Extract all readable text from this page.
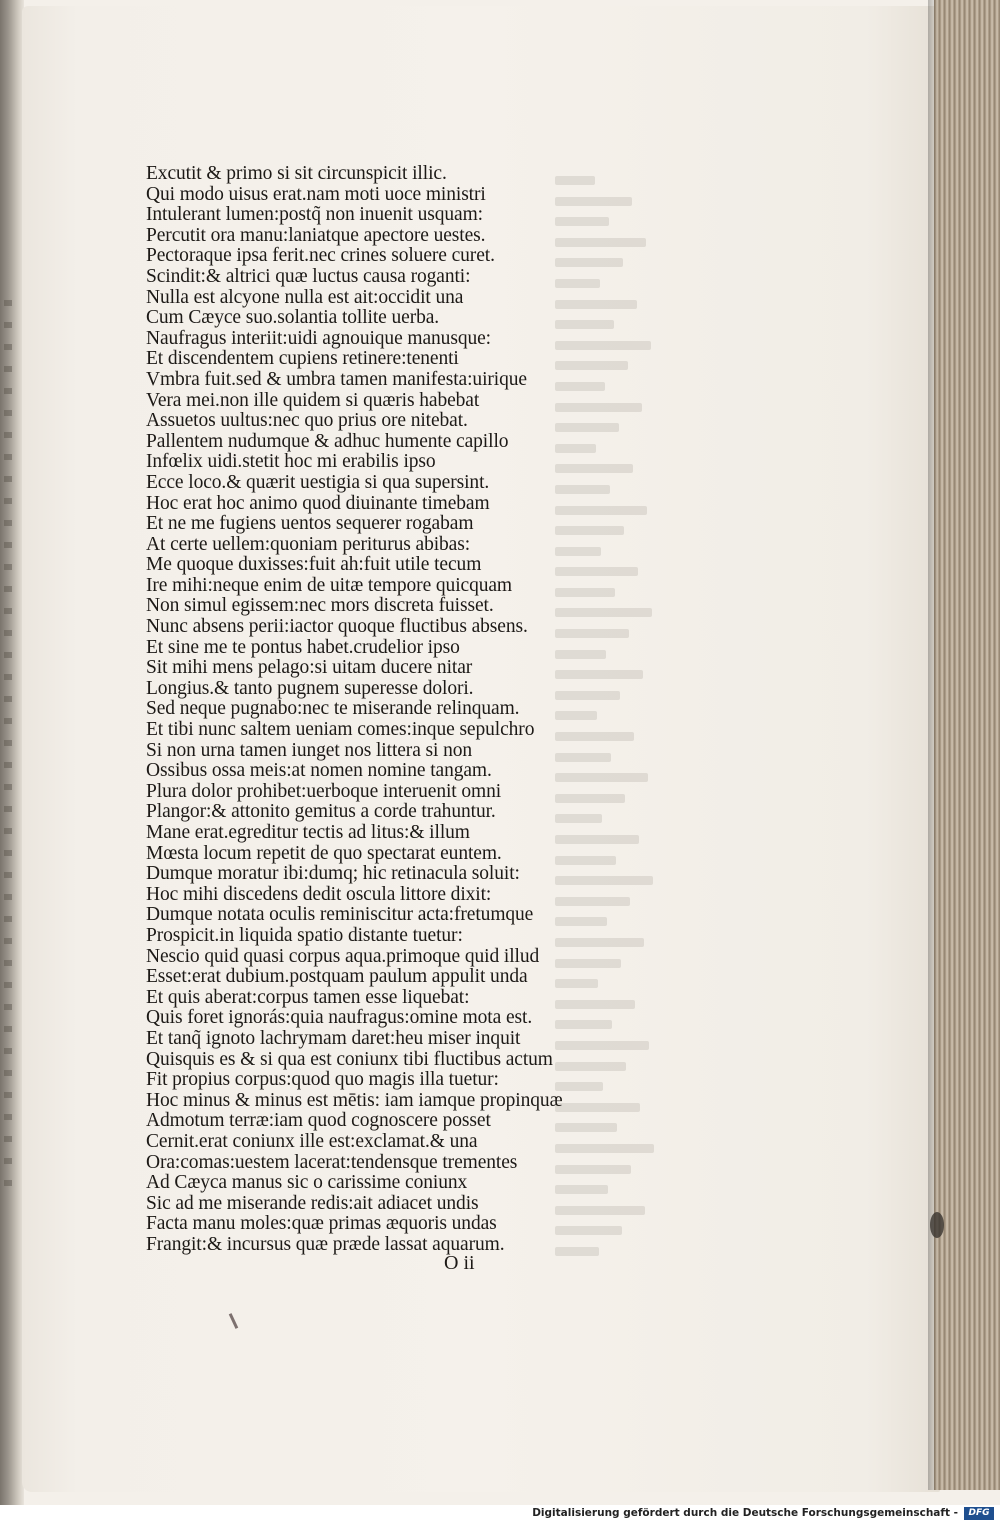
Excutit & primo si sit circunspicit illic.
Qui modo uisus erat.nam moti uoce ministri
Intulerant lumen:postq̃ non inuenit usquam:
Percutit ora manu:laniatque apectore uestes.
Pectoraque ipsa ferit.nec crines soluere curet.
Scindit:& altrici quæ luctus causa roganti:
Nulla est alcyone nulla est ait:occidit una
Cum Cæyce suo.solantia tollite uerba.
Naufragus interiit:uidi agnouique manusque:
Et discendentem cupiens retinere:tenenti
Vmbra fuit.sed & umbra tamen manifesta:uirique
Vera mei.non ille quidem si quæris habebat
Assuetos uultus:nec quo prius ore nitebat.
Pallentem nudumque & adhuc humente capillo
Infœlix uidi.stetit hoc mi erabilis ipso
Ecce loco.& quærit uestigia si qua supersint.
Hoc erat hoc animo quod diuinante timebam
Et ne me fugiens uentos sequerer rogabam
At certe uellem:quoniam periturus abibas:
Me quoque duxisses:fuit ah:fuit utile tecum
Ire mihi:neque enim de uitæ tempore quicquam
Non simul egissem:nec mors discreta fuisset.
Nunc absens perii:iactor quoque fluctibus absens.
Et sine me te pontus habet.crudelior ipso
Sit mihi mens pelago:si uitam ducere nitar
Longius.& tanto pugnem superesse dolori.
Sed neque pugnabo:nec te miserande relinquam.
Et tibi nunc saltem ueniam comes:inque sepulchro
Si non urna tamen iunget nos littera si non
Ossibus ossa meis:at nomen nomine tangam.
Plura dolor prohibet:uerboque interuenit omni
Plangor:& attonito gemitus a corde trahuntur.
Mane erat.egreditur tectis ad litus:& illum
Mœsta locum repetit de quo spectarat euntem.
Dumque moratur ibi:dumq; hic retinacula soluit:
Hoc mihi discedens dedit oscula littore dixit:
Dumque notata oculis reminiscitur acta:fretumque
Prospicit.in liquida spatio distante tuetur:
Nescio quid quasi corpus aqua.primoque quid illud
Esset:erat dubium.postquam paulum appulit unda
Et quis aberat:corpus tamen esse liquebat:
Quis foret ignorás:quia naufragus:omine mota est.
Et tanq̃ ignoto lachrymam daret:heu miser inquit
Quisquis es & si qua est coniunx tibi fluctibus actum
Fit propius corpus:quod quo magis illa tuetur:
Hoc minus & minus est mētis: iam iamque propinquæ
Admotum terræ:iam quod cognoscere posset
Cernit.erat coniunx ille est:exclamat.& una
Ora:comas:uestem lacerat:tendensque trementes
Ad Cæyca manus sic o carissime coniunx
Sic ad me miserande redis:ait adiacet undis
Facta manu moles:quæ primas æquoris undas
Frangit:& incursus quæ præde lassat aquarum.
O ii
Digitalisierung gefördert durch die Deutsche Forschungsgemeinschaft -	DFG
